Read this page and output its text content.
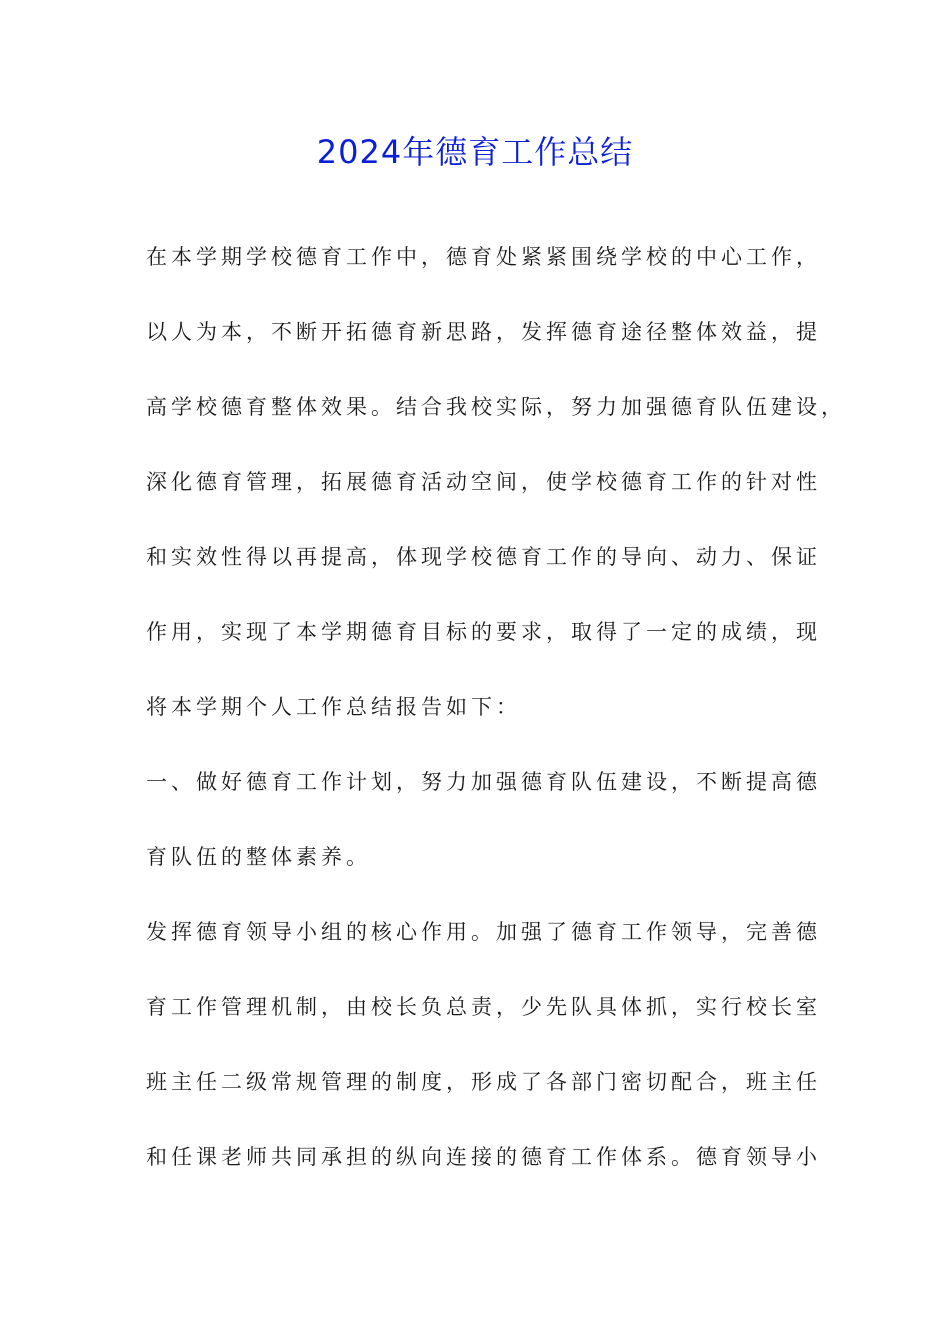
2024年德育工作总结
在本学期学校德育工作中，德育处紧紧围绕学校的中心工作，
以人为本，不断开拓德育新思路，发挥德育途径整体效益，提
高学校德育整体效果。结合我校实际，努力加强德育队伍建设，
深化德育管理，拓展德育活动空间，使学校德育工作的针对性
和实效性得以再提高，体现学校德育工作的导向、动力、保证
作用，实现了本学期德育目标的要求，取得了一定的成绩，现
将本学期个人工作总结报告如下：
一、做好德育工作计划，努力加强德育队伍建设，不断提高德
育队伍的整体素养。
发挥德育领导小组的核心作用。加强了德育工作领导，完善德
育工作管理机制，由校长负总责，少先队具体抓，实行校长室
班主任二级常规管理的制度，形成了各部门密切配合，班主任
和任课老师共同承担的纵向连接的德育工作体系。德育领导小
